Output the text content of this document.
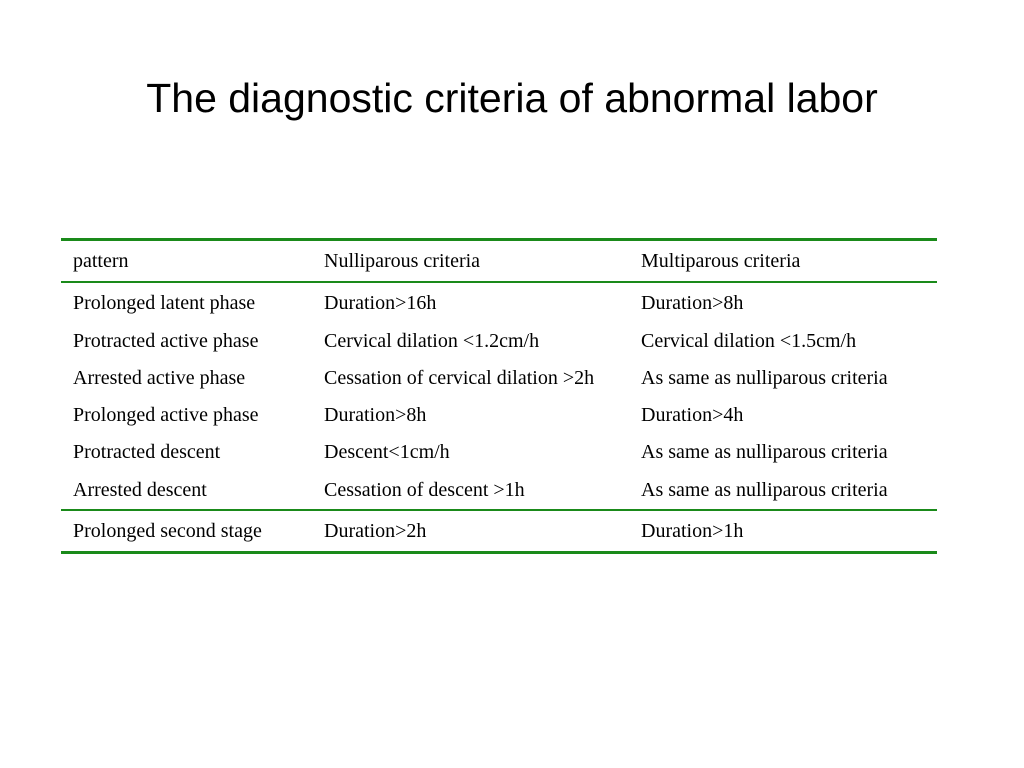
The diagnostic criteria of abnormal labor
pattern	Nulliparous criteria	Multiparous criteria
Prolonged latent phase	Duration>16h	Duration>8h
Protracted active phase	Cervical dilation <1.2cm/h	Cervical dilation <1.5cm/h
Arrested active phase	Cessation of cervical dilation >2h	As same as nulliparous criteria
Prolonged active phase	Duration>8h	Duration>4h
Protracted descent	Descent<1cm/h	As same as nulliparous criteria
Arrested descent	Cessation of descent >1h	As same as nulliparous criteria
Prolonged second stage	Duration>2h	Duration>1h
